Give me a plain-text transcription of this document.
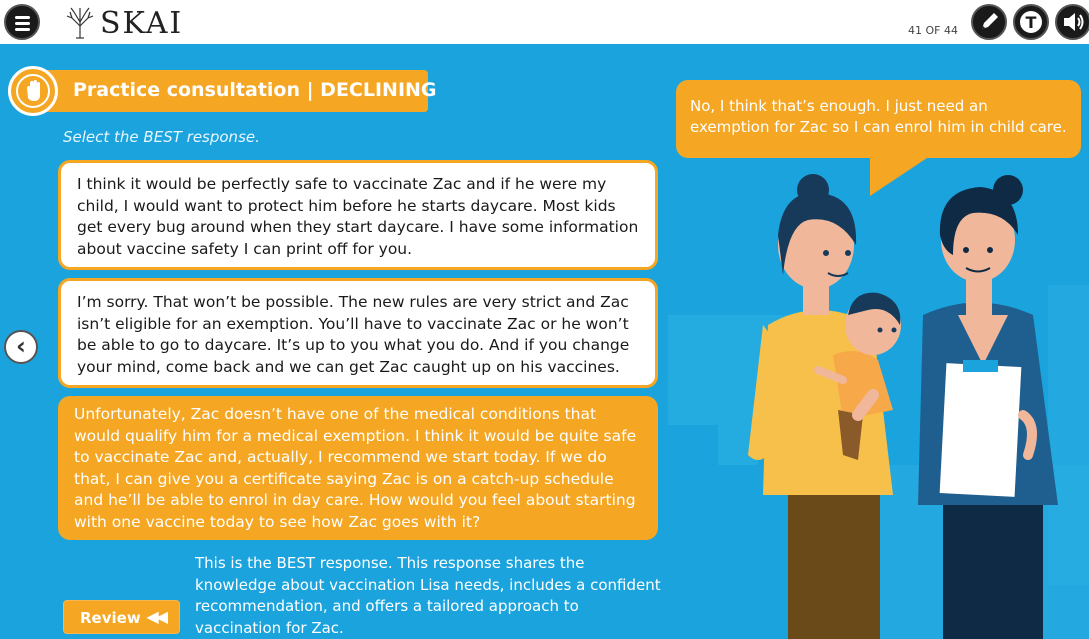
SKAI	41 OF 44	T
Practice consultation | DECLINING
Select the BEST response.
I think it would be perfectly safe to vaccinate Zac and if he were my child, I would want to protect him before he starts daycare. Most kids get every bug around when they start daycare. I have some information about vaccine safety I can print off for you.
I’m sorry. That won’t be possible. The new rules are very strict and Zac isn’t eligible for an exemption. You’ll have to vaccinate Zac or he won’t be able to go to daycare. It’s up to you what you do. And if you change your mind, come back and we can get Zac caught up on his vaccines.
Unfortunately, Zac doesn’t have one of the medical conditions that would qualify him for a medical exemption. I think it would be quite safe to vaccinate Zac and, actually, I recommend we start today. If we do that, I can give you a certificate saying Zac is on a catch-up schedule and he’ll be able to enrol in day care. How would you feel about starting with one vaccine today to see how Zac goes with it?
‹
This is the BEST response. This response shares the knowledge about vaccination Lisa needs, includes a confident recommendation, and offers a tailored approach to vaccination for Zac.
Review ◀◀
No, I think that’s enough. I just need an exemption for Zac so I can enrol him in child care.
